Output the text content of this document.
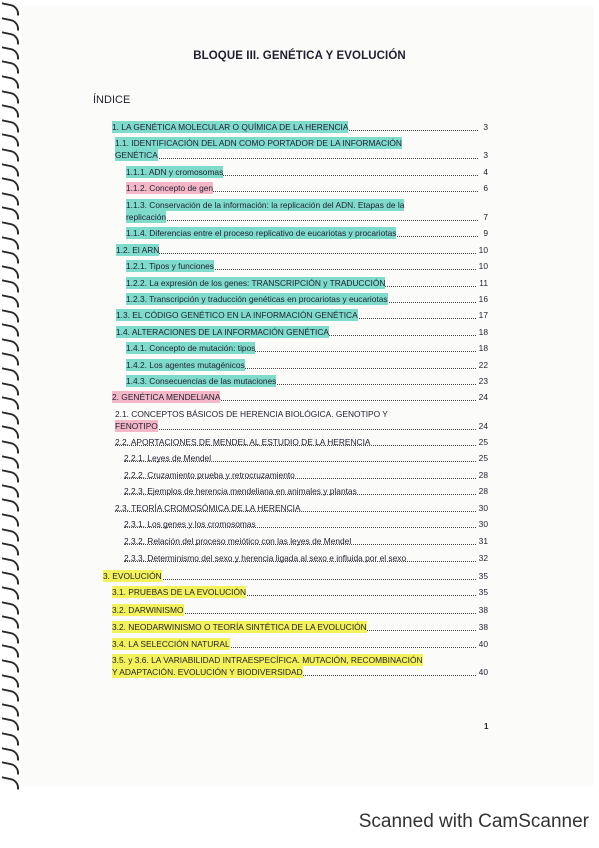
BLOQUE III. GENÉTICA Y EVOLUCIÓN
ÍNDICE
1. LA GENÉTICA MOLECULAR O QUÍMICA DE LA HERENCIA	3
1.1. IDENTIFICACIÓN DEL ADN COMO PORTADOR DE LA INFORMACIÓN
GENÉTICA	3
1.1.1. ADN y cromosomas	4
1.1.2. Concepto de gen	6
1.1.3. Conservación de la información: la replicación del ADN. Etapas de la
replicación	7
1.1.4. Diferencias entre el proceso replicativo de eucariotas y procariotas	9
1.2. El ARN	10
1.2.1. Tipos y funciones	10
1.2.2. La expresión de los genes: TRANSCRIPCIÓN y TRADUCCIÓN	11
1.2.3. Transcripción y traducción genéticas en procariotas y eucariotas	16
1.3. EL CÓDIGO GENÉTICO EN LA INFORMACIÓN GENÉTICA	17
1.4. ALTERACIONES DE LA INFORMACIÓN GENÉTICA	18
1.4.1. Concepto de mutación: tipos	18
1.4.2. Los agentes mutagénicos	22
1.4.3. Consecuencias de las mutaciones	23
2. GENÉTICA MENDELIANA	24
2.1. CONCEPTOS BÁSICOS DE HERENCIA BIOLÓGICA. GENOTIPO Y
FENOTIPO	24
2.2. APORTACIONES DE MENDEL AL ESTUDIO DE LA HERENCIA	25
2.2.1. Leyes de Mendel	25
2.2.2. Cruzamiento prueba y retrocruzamiento	28
2.2.3. Ejemplos de herencia mendeliana en animales y plantas	28
2.3. TEORÍA CROMOSÓMICA DE LA HERENCIA	30
2.3.1. Los genes y los cromosomas	30
2.3.2. Relación del proceso meiótico con las leyes de Mendel	31
2.3.3. Determinismo del sexo y herencia ligada al sexo e influida por el sexo	32
3. EVOLUCIÓN	35
3.1. PRUEBAS DE LA EVOLUCIÓN	35
3.2. DARWINISMO	38
3.2. NEODARWINISMO O TEORÍA SINTÉTICA DE LA EVOLUCIÓN	38
3.4. LA SELECCIÓN NATURAL	40
3.5. y 3.6. LA VARIABILIDAD INTRAESPECÍFICA. MUTACIÓN, RECOMBINACIÓN
Y ADAPTACIÓN. EVOLUCIÓN Y BIODIVERSIDAD	40
1
Scanned with CamScanner
